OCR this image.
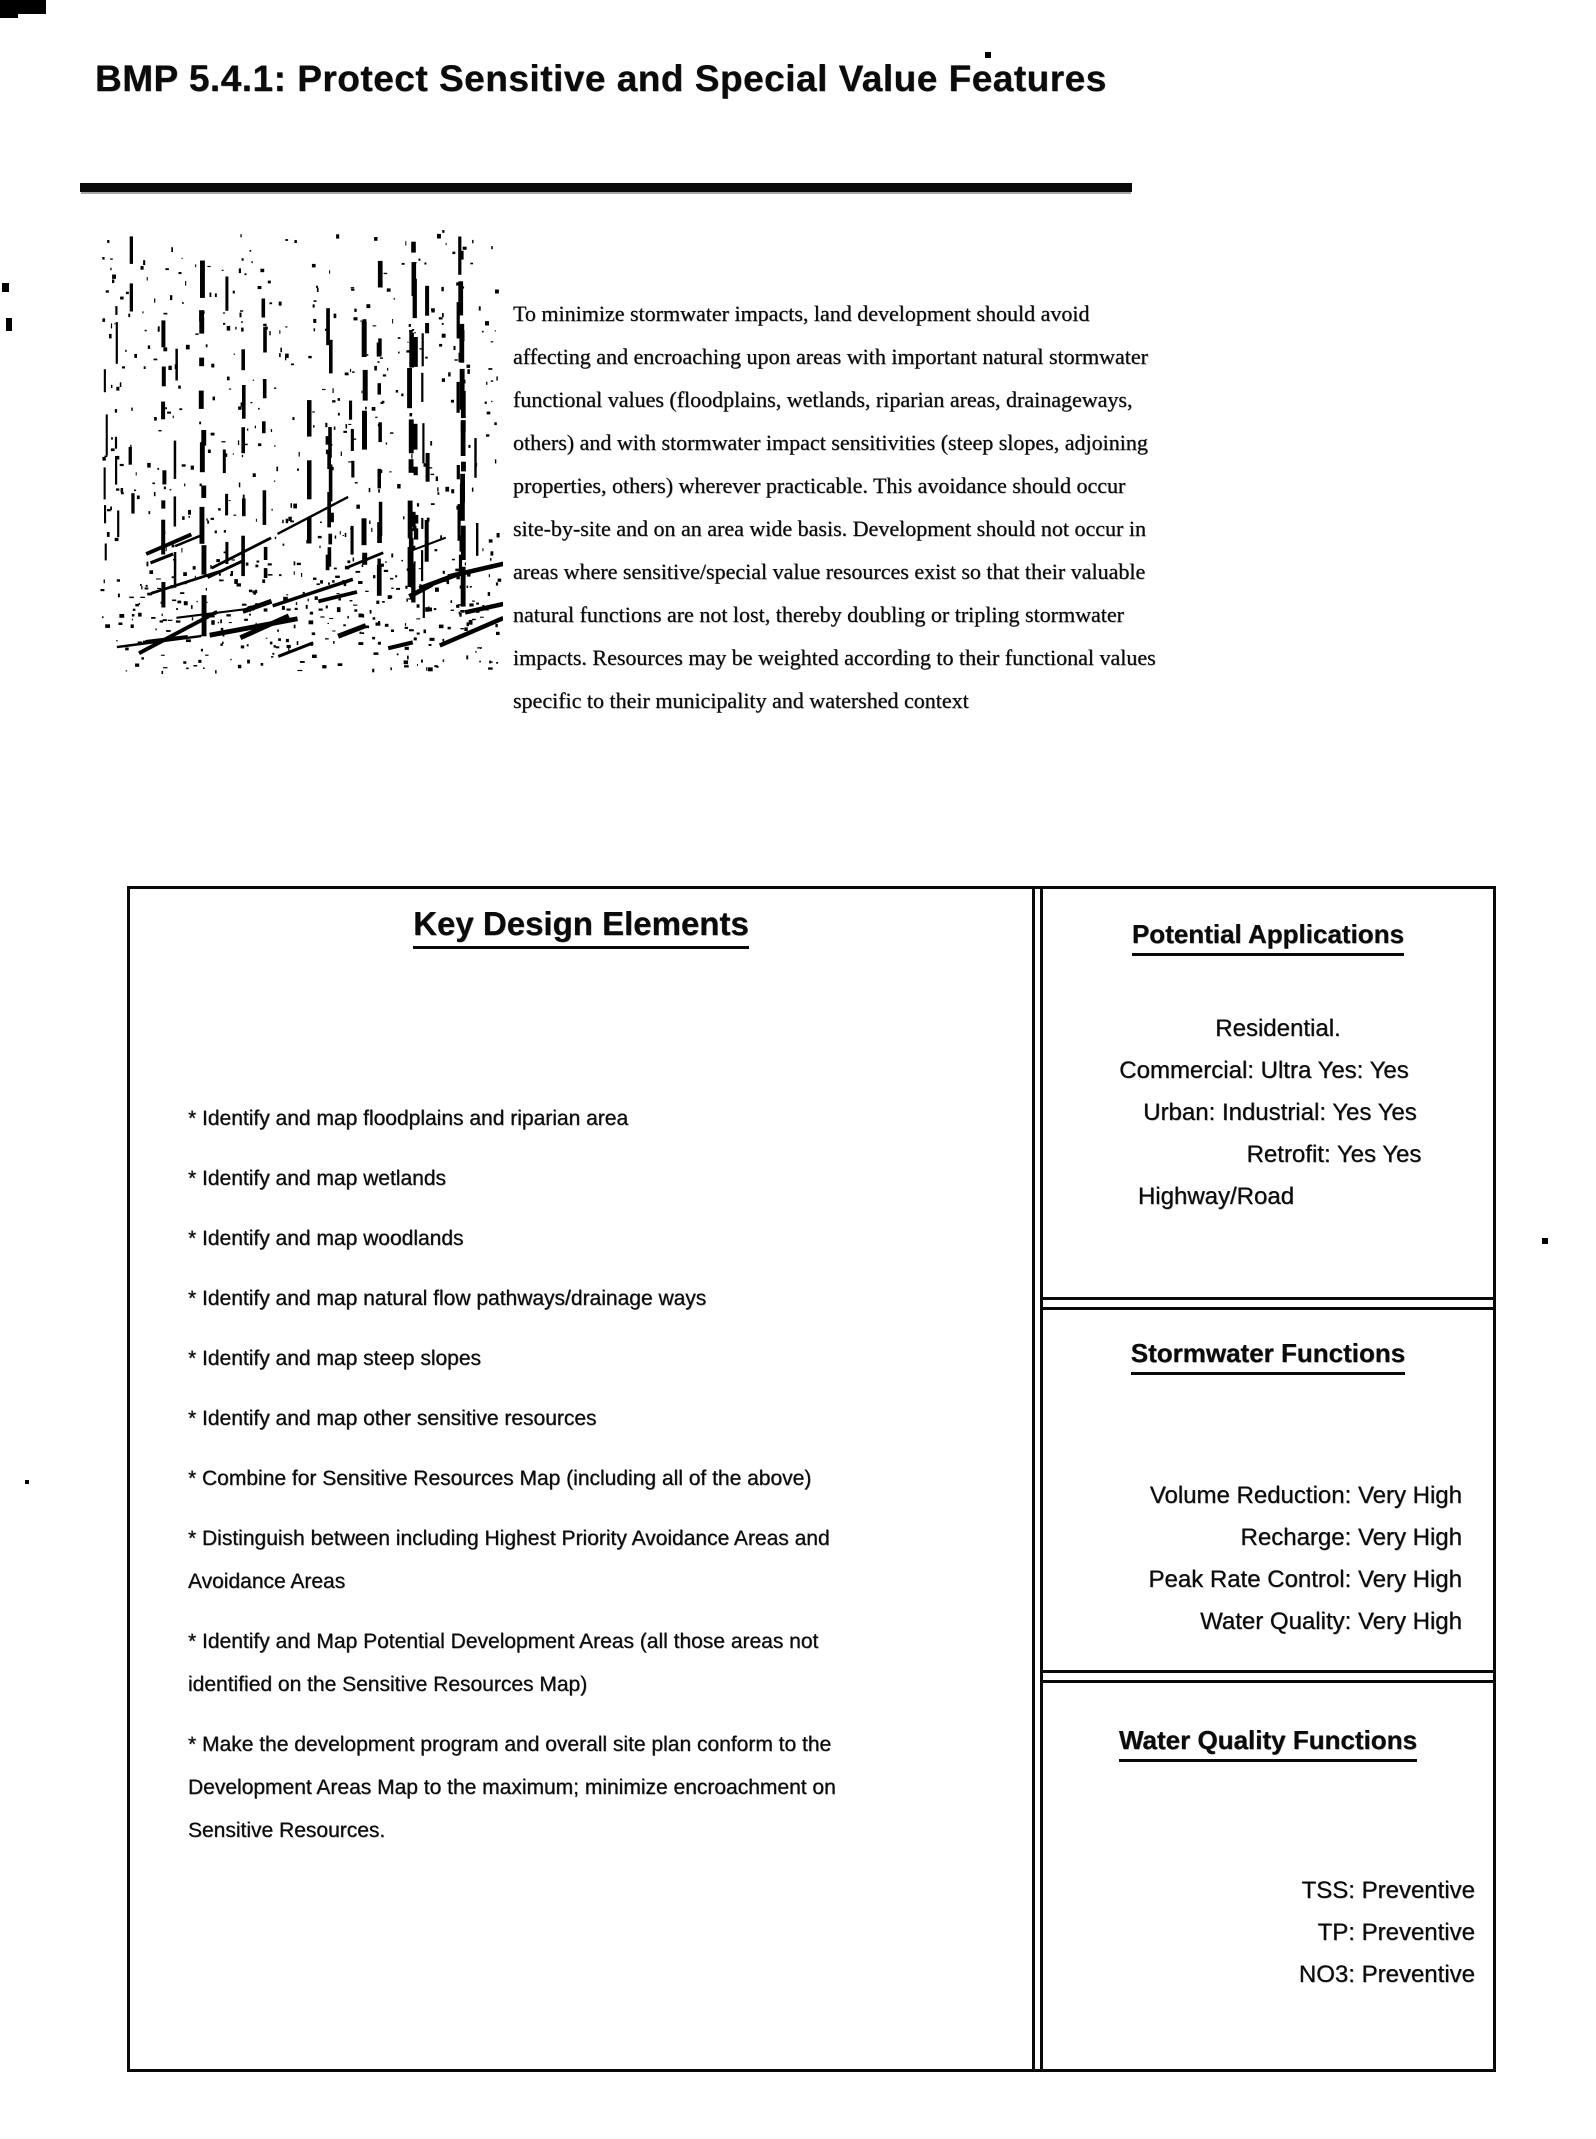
BMP 5.4.1: Protect Sensitive and Special Value Features
To minimize stormwater impacts, land development should avoid affecting and encroaching upon areas with important natural stormwater functional values (floodplains, wetlands, riparian areas, drainageways, others) and with stormwater impact sensitivities (steep slopes, adjoining properties, others) wherever practicable. This avoidance should occur site-by-site and on an area wide basis. Development should not occur in areas where sensitive/special value resources exist so that their valuable natural functions are not lost, thereby doubling or tripling stormwater impacts. Resources may be weighted according to their functional values specific to their municipality and watershed context
Key Design Elements
* Identify and map floodplains and riparian area
* Identify and map wetlands
* Identify and map woodlands
* Identify and map natural flow pathways/drainage ways
* Identify and map steep slopes
* Identify and map other sensitive resources
* Combine for Sensitive Resources Map (including all of the above)
* Distinguish between including Highest Priority Avoidance Areas and Avoidance Areas
* Identify and Map Potential Development Areas (all those areas not identified on the Sensitive Resources Map)
* Make the development program and overall site plan conform to the Development Areas Map to the maximum; minimize encroachment on Sensitive Resources.
Potential Applications
Residential.
Commercial: Ultra Yes: Yes
Urban: Industrial: Yes Yes
Retrofit: Yes Yes
Highway/Road
Stormwater Functions
Volume Reduction: Very High
Recharge: Very High
Peak Rate Control: Very High
Water Quality: Very High
Water Quality Functions
TSS: Preventive
TP: Preventive
NO3: Preventive
